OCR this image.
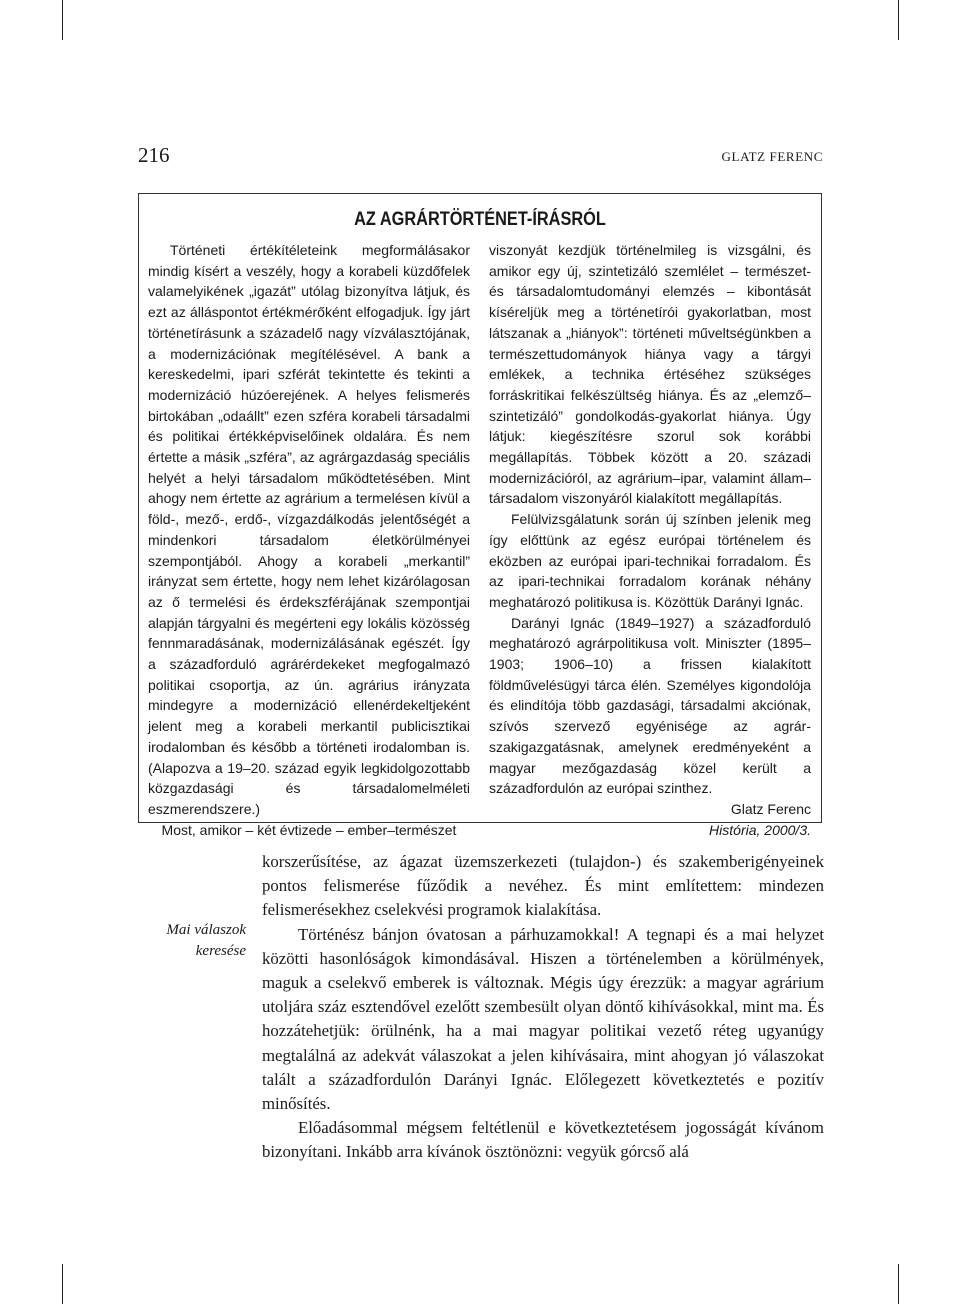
216	GLATZ FERENC
AZ AGRÁRTÖRTÉNET-ÍRÁSRÓL

Történeti értékítéleteink megformálásakor mindig kísért a veszély, hogy a korabeli küzdőfelek valamelyikének „igazát” utólag bizonyítva látjuk, és ezt az álláspontot értékmérőként elfogadjuk. Így járt történetírásunk a századelő nagy vízválasztójának, a modernizációnak megítélésével. A bank a kereskedelmi, ipari szférát tekintette és tekinti a modernizáció húzóerejének. A helyes felismerés birtokában „odaállt” ezen szféra korabeli társadalmi és politikai értékképviselőinek oldalára. És nem értette a másik „szféra”, az agrárgazdaság speciális helyét a helyi társadalom működtetésében. Mint ahogy nem értette az agrárium a termelésen kívül a föld-, mező-, erdő-, vízgazdálkodás jelentőségét a mindenkori társadalom életkörülményei szempontjából. Ahogy a korabeli „merkantil” irányzat sem értette, hogy nem lehet kizárólagosan az ő termelési és érdekszférájának szempontjai alapján tárgyalni és megérteni egy lokális közösség fennmaradásának, modernizálásának egészét. Így a századforduló agrárérdekeket megfogalmazó politikai csoportja, az ún. agrárius irányzata mindegyre a modernizáció ellenérdekeltjeként jelent meg a korabeli merkantil publicisztikai irodalomban és később a történeti irodalomban is. (Alapozva a 19–20. század egyik legkidolgozottabb közgazdasági és társadalomelméleti eszmerendszere.)

Most, amikor – két évtizede – ember–természet

viszonyát kezdjük történelmileg is vizsgálni, és amikor egy új, szintetizáló szemlélet – természet- és társadalomtudományi elemzés – kibontását kíséreljük meg a történetírói gyakorlatban, most látszanak a „hiányok”: történeti műveltségünkben a természettudományok hiánya vagy a tárgyi emlékek, a technika értéséhez szükséges forráskritikai felkészültség hiánya. És az „elemző–szintetizáló” gondolkodás-gyakorlat hiánya. Úgy látjuk: kiegészítésre szorul sok korábbi megállapítás. Többek között a 20. századi modernizációról, az agrárium–ipar, valamint állam–társadalom viszonyáról kialakított megállapítás.

Felülvizsgálatunk során új színben jelenik meg így előttünk az egész európai történelem és eközben az európai ipari-technikai forradalom. És az ipari-technikai forradalom korának néhány meghatározó politikusa is. Közöttük Darányi Ignác.

Darányi Ignác (1849–1927) a századforduló meghatározó agrárpolitikusa volt. Miniszter (1895–1903; 1906–10) a frissen kialakított földművelésügyi tárca élén. Személyes kigondolója és elindítója több gazdasági, társadalmi akciónak, szívós szervező egyénisége az agrár-szakigazgatásnak, amelynek eredményeként a magyar mezőgazdaság közel került a századfordulón az európai szinthez.

Glatz Ferenc

História, 2000/3.

Mai válaszok
keresése

korszerűsítése, az ágazat üzemszerkezeti (tulajdon-) és szakemberigényeinek pontos felismerése fűződik a nevéhez. És mint említettem: mindezen felismerésekhez cselekvési programok kialakítása.

Történész bánjon óvatosan a párhuzamokkal! A tegnapi és a mai helyzet közötti hasonlóságok kimondásával. Hiszen a történelemben a körülmények, maguk a cselekvő emberek is változnak. Mégis úgy érezzük: a magyar agrárium utoljára száz esztendővel ezelőtt szembesült olyan döntő kihívásokkal, mint ma. És hozzátehetjük: örülnénk, ha a mai magyar politikai vezető réteg ugyanúgy megtalálná az adekvát válaszokat a jelen kihívásaira, mint ahogyan jó válaszokat talált a századfordulón Darányi Ignác. Előlegezett következtetés e pozitív minősítés.

Előadásommal mégsem feltétlenül e következtetésem jogosságát kívánom bizonyítani. Inkább arra kívánok ösztönözni: vegyük górcső alá
